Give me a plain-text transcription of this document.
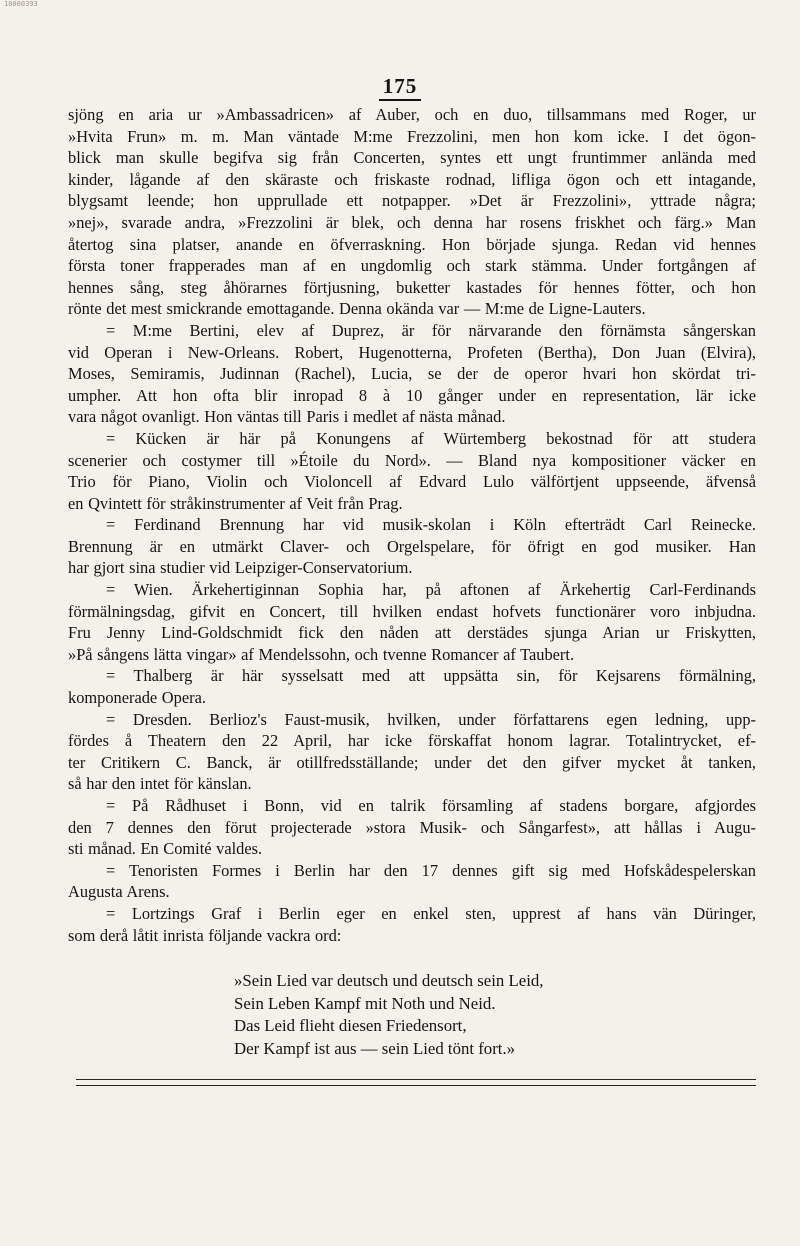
10000393
175
sjöng en aria ur »Ambassadricen» af Auber, och en duo, tillsammans med Roger, ur
»Hvita Frun» m. m. Man väntade M:me Frezzolini, men hon kom icke. I det ögon-
blick man skulle begifva sig från Concerten, syntes ett ungt fruntimmer anlända med
kinder, lågande af den skäraste och friskaste rodnad, lifliga ögon och ett intagande,
blygsamt leende; hon upprullade ett notpapper. »Det är Frezzolini», yttrade några;
»nej», svarade andra, »Frezzolini är blek, och denna har rosens friskhet och färg.» Man
återtog sina platser, anande en öfverraskning. Hon började sjunga. Redan vid hennes
första toner frapperades man af en ungdomlig och stark stämma. Under fortgången af
hennes sång, steg åhörarnes förtjusning, buketter kastades för hennes fötter, och hon
rönte det mest smickrande emottagande. Denna okända var — M:me de Ligne-Lauters.
= M:me Bertini, elev af Duprez, är för närvarande den förnämsta sångerskan
vid Operan i New-Orleans. Robert, Hugenotterna, Profeten (Bertha), Don Juan (Elvira),
Moses, Semiramis, Judinnan (Rachel), Lucia, se der de operor hvari hon skördat tri-
umpher. Att hon ofta blir inropad 8 à 10 gånger under en representation, lär icke
vara något ovanligt. Hon väntas till Paris i medlet af nästa månad.
= Kücken är här på Konungens af Würtemberg bekostnad för att studera
scenerier och costymer till »Étoile du Nord». — Bland nya kompositioner väcker en
Trio för Piano, Violin och Violoncell af Edvard Lulo välförtjent uppseende, äfvenså
en Qvintett för stråkinstrumenter af Veit från Prag.
= Ferdinand Brennung har vid musik-skolan i Köln efterträdt Carl Reinecke.
Brennung är en utmärkt Claver- och Orgelspelare, för öfrigt en god musiker. Han
har gjort sina studier vid Leipziger-Conservatorium.
= Wien. Ärkehertiginnan Sophia har, på aftonen af Ärkehertig Carl-Ferdinands
förmälningsdag, gifvit en Concert, till hvilken endast hofvets functionärer voro inbjudna.
Fru Jenny Lind-Goldschmidt fick den nåden att derstädes sjunga Arian ur Friskytten,
»På sångens lätta vingar» af Mendelssohn, och tvenne Romancer af Taubert.
= Thalberg är här sysselsatt med att uppsätta sin, för Kejsarens förmälning,
komponerade Opera.
= Dresden. Berlioz's Faust-musik, hvilken, under författarens egen ledning, upp-
fördes å Theatern den 22 April, har icke förskaffat honom lagrar. Totalintrycket, ef-
ter Critikern C. Banck, är otillfredsställande; under det den gifver mycket åt tanken,
så har den intet för känslan.
= På Rådhuset i Bonn, vid en talrik församling af stadens borgare, afgjordes
den 7 dennes den förut projecterade »stora Musik- och Sångarfest», att hållas i Augu-
sti månad. En Comité valdes.
= Tenoristen Formes i Berlin har den 17 dennes gift sig med Hofskådespelerskan
Augusta Arens.
= Lortzings Graf i Berlin eger en enkel sten, upprest af hans vän Düringer,
som derå låtit inrista följande vackra ord:
»Sein Lied var deutsch und deutsch sein Leid,
Sein Leben Kampf mit Noth und Neid.
Das Leid flieht diesen Friedensort,
Der Kampf ist aus — sein Lied tönt fort.»
